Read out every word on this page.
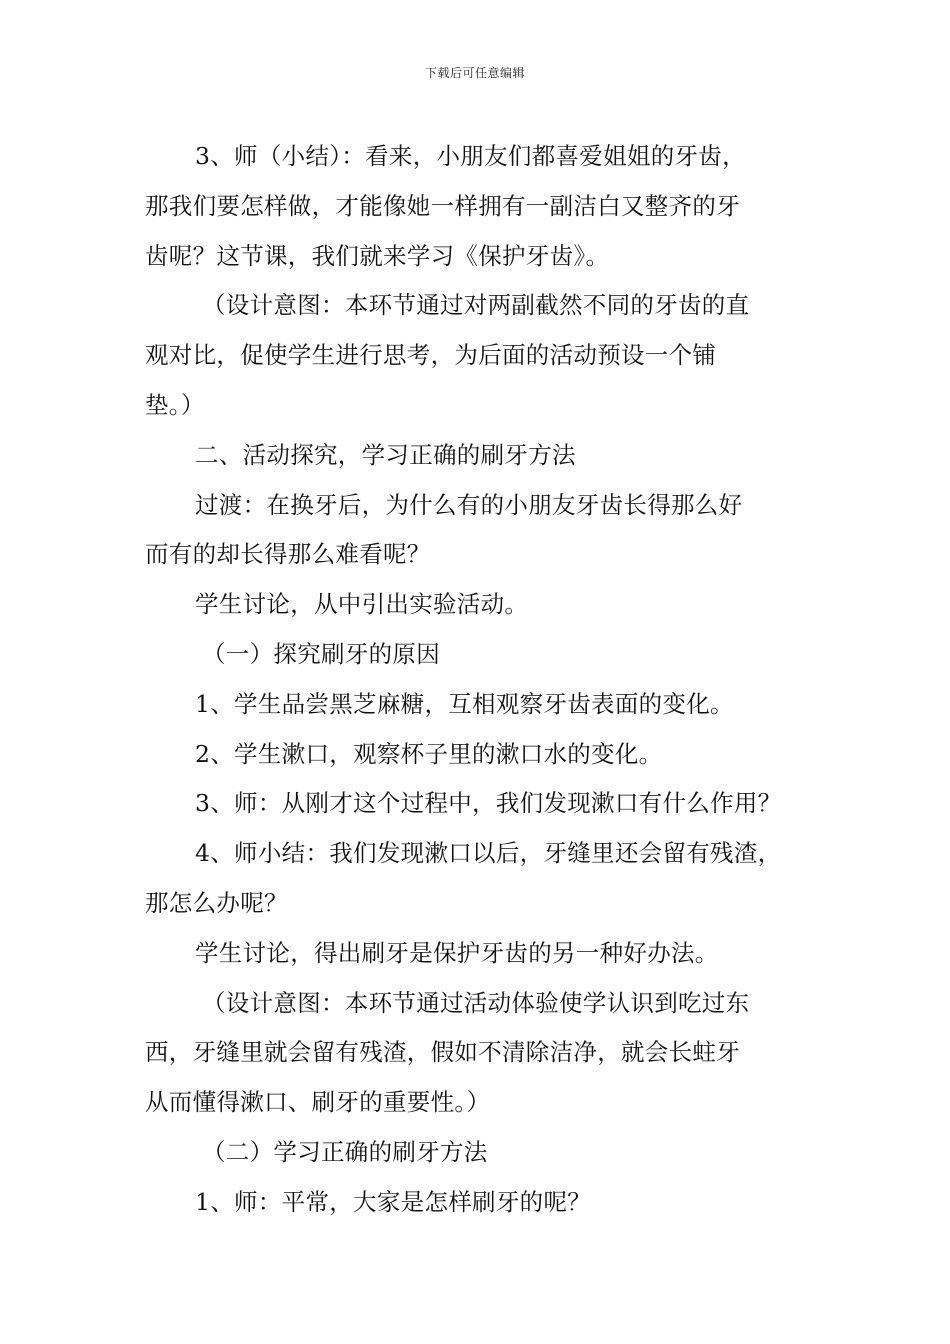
下载后可任意编辑
3、师（小结）：看来，小朋友们都喜爱姐姐的牙齿，
那我们要怎样做，才能像她一样拥有一副洁白又整齐的牙
齿呢？这节课，我们就来学习《保护牙齿》。
（设计意图：本环节通过对两副截然不同的牙齿的直
观对比，促使学生进行思考，为后面的活动预设一个铺
垫。）
二、活动探究，学习正确的刷牙方法
过渡：在换牙后，为什么有的小朋友牙齿长得那么好
而有的却长得那么难看呢？
学生讨论，从中引出实验活动。
（一）探究刷牙的原因
1、学生品尝黑芝麻糖，互相观察牙齿表面的变化。
2、学生漱口，观察杯子里的漱口水的变化。
3、师：从刚才这个过程中，我们发现漱口有什么作用？
4、师小结：我们发现漱口以后，牙缝里还会留有残渣，
那怎么办呢？
学生讨论，得出刷牙是保护牙齿的另一种好办法。
（设计意图：本环节通过活动体验使学认识到吃过东
西，牙缝里就会留有残渣，假如不清除洁净，就会长蛀牙
从而懂得漱口、刷牙的重要性。）
（二）学习正确的刷牙方法
1、师：平常，大家是怎样刷牙的呢？
